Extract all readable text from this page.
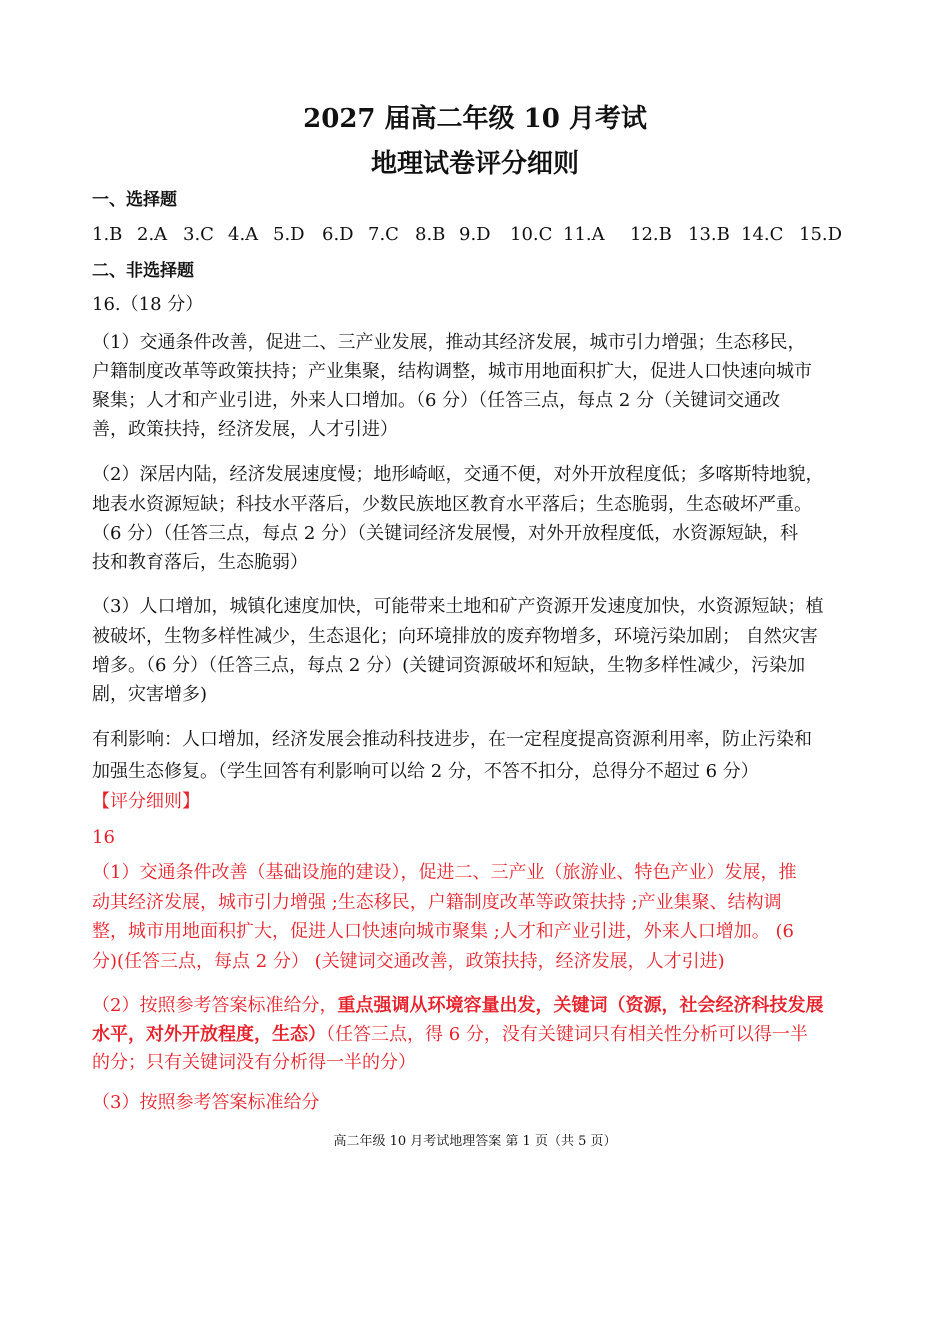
2027 届高二年级 10 月考试
地理试卷评分细则
一、选择题
1.B 2.A 3.C 4.A 5.D 6.D 7.C 8.B 9.D 10.C 11.A 12.B 13.B 14.C 15.D
二、非选择题
16.（18 分）
（1）交通条件改善，促进二、三产业发展，推动其经济发展，城市引力增强；生态移民，
户籍制度改革等政策扶持；产业集聚，结构调整，城市用地面积扩大，促进人口快速向城市
聚集；人才和产业引进，外来人口增加。（6 分）（任答三点，每点 2 分（关键词交通改
善，政策扶持，经济发展，人才引进）
（2）深居内陆，经济发展速度慢；地形崎岖，交通不便，对外开放程度低；多喀斯特地貌，
地表水资源短缺；科技水平落后，少数民族地区教育水平落后；生态脆弱，生态破坏严重。
（6 分）（任答三点，每点 2 分）（关键词经济发展慢，对外开放程度低，水资源短缺，科
技和教育落后，生态脆弱）
（3）人口增加，城镇化速度加快，可能带来土地和矿产资源开发速度加快，水资源短缺；植
被破坏，生物多样性减少，生态退化；向环境排放的废弃物增多，环境污染加剧； 自然灾害
增多。（6 分）（任答三点，每点 2 分）(关键词资源破坏和短缺，生物多样性减少，污染加
剧，灾害增多)
有利影响：人口增加，经济发展会推动科技进步，在一定程度提高资源利用率，防止污染和
加强生态修复。（学生回答有利影响可以给 2 分，不答不扣分，总得分不超过 6 分）
【评分细则】
16
（1）交通条件改善（基础设施的建设），促进二、三产业（旅游业、特色产业）发展，推
动其经济发展，城市引力增强 ;生态移民，户籍制度改革等政策扶持 ;产业集聚、结构调
整，城市用地面积扩大，促进人口快速向城市聚集 ;人才和产业引进，外来人口增加。 (6
分)(任答三点，每点 2 分） (关键词交通改善，政策扶持，经济发展，人才引进)
（2）按照参考答案标准给分，重点强调从环境容量出发，关键词（资源，社会经济科技发展
水平，对外开放程度，生态）（任答三点，得 6 分，没有关键词只有相关性分析可以得一半
的分；只有关键词没有分析得一半的分）
（3）按照参考答案标准给分
高二年级 10 月考试地理答案 第 1 页（共 5 页）
